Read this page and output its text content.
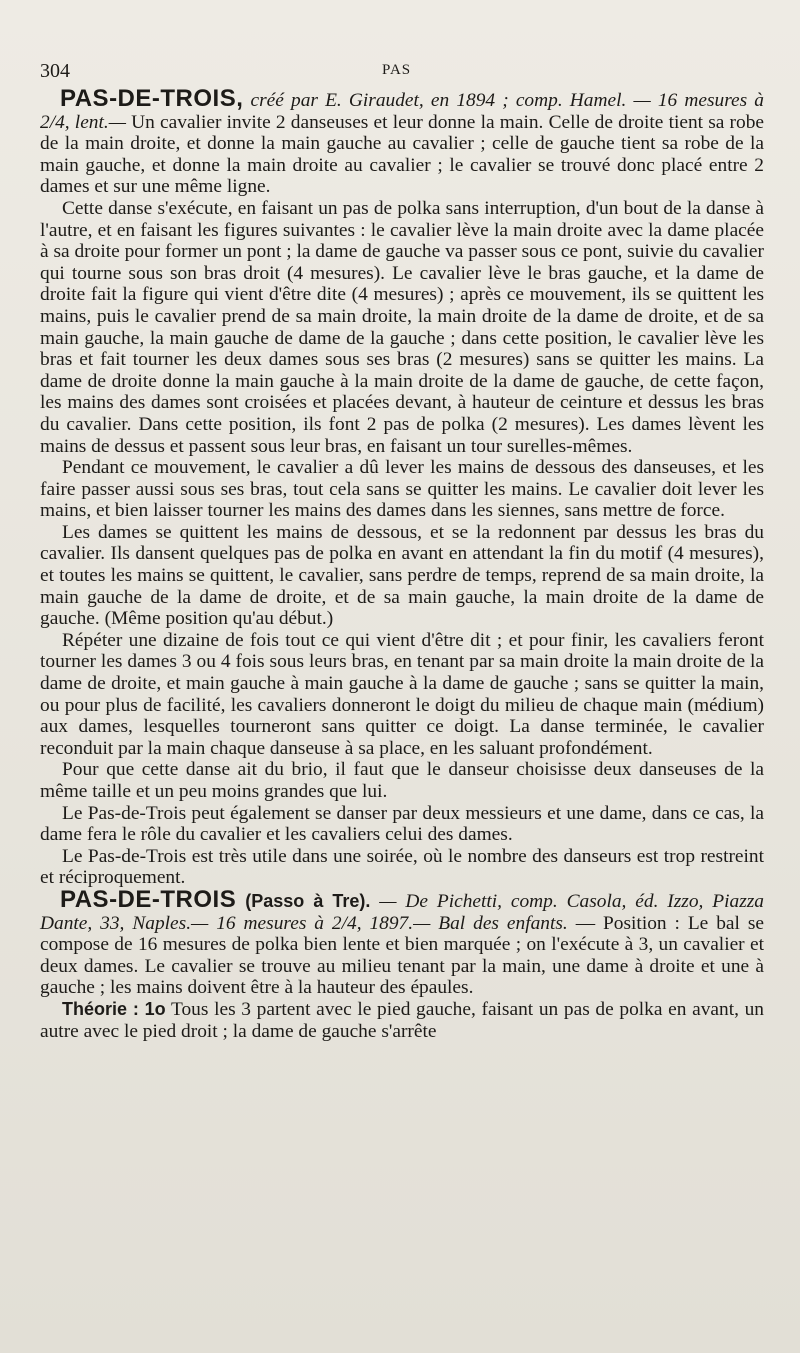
304	PAS

PAS-DE-TROIS, créé par E. Giraudet, en 1894 ; comp. Hamel. — 16 mesures à 2/4, lent.— Un cavalier invite 2 danseuses et leur donne la main. Celle de droite tient sa robe de la main droite, et donne la main gauche au cavalier ; celle de gauche tient sa robe de la main gauche, et donne la main droite au cavalier ; le cavalier se trouvé donc placé entre 2 dames et sur une même ligne.

Cette danse s'exécute, en faisant un pas de polka sans interruption, d'un bout de la danse à l'autre, et en faisant les figures suivantes : le cavalier lève la main droite avec la dame placée à sa droite pour former un pont ; la dame de gauche va passer sous ce pont, suivie du cavalier qui tourne sous son bras droit (4 mesures). Le cavalier lève le bras gauche, et la dame de droite fait la figure qui vient d'être dite (4 mesures) ; après ce mouvement, ils se quittent les mains, puis le cavalier prend de sa main droite, la main droite de la dame de droite, et de sa main gauche, la main gauche de dame de la gauche ; dans cette position, le cavalier lève les bras et fait tourner les deux dames sous ses bras (2 mesures) sans se quitter les mains. La dame de droite donne la main gauche à la main droite de la dame de gauche, de cette façon, les mains des dames sont croisées et placées devant, à hauteur de ceinture et dessus les bras du cavalier. Dans cette position, ils font 2 pas de polka (2 mesures). Les dames lèvent les mains de dessus et passent sous leur bras, en faisant un tour surelles-mêmes.

Pendant ce mouvement, le cavalier a dû lever les mains de dessous des danseuses, et les faire passer aussi sous ses bras, tout cela sans se quitter les mains. Le cavalier doit lever les mains, et bien laisser tourner les mains des dames dans les siennes, sans mettre de force.

Les dames se quittent les mains de dessous, et se la redonnent par dessus les bras du cavalier. Ils dansent quelques pas de polka en avant en attendant la fin du motif (4 mesures), et toutes les mains se quittent, le cavalier, sans perdre de temps, reprend de sa main droite, la main gauche de la dame de droite, et de sa main gauche, la main droite de la dame de gauche. (Même position qu'au début.)

Répéter une dizaine de fois tout ce qui vient d'être dit ; et pour finir, les cavaliers feront tourner les dames 3 ou 4 fois sous leurs bras, en tenant par sa main droite la main droite de la dame de droite, et main gauche à main gauche à la dame de gauche ; sans se quitter la main, ou pour plus de facilité, les cavaliers donneront le doigt du milieu de chaque main (médium) aux dames, lesquelles tourneront sans quitter ce doigt. La danse terminée, le cavalier reconduit par la main chaque danseuse à sa place, en les saluant profondément.

Pour que cette danse ait du brio, il faut que le danseur choisisse deux danseuses de la même taille et un peu moins grandes que lui.

Le Pas-de-Trois peut également se danser par deux messieurs et une dame, dans ce cas, la dame fera le rôle du cavalier et les cavaliers celui des dames.

Le Pas-de-Trois est très utile dans une soirée, où le nombre des danseurs est trop restreint et réciproquement.

PAS-DE-TROIS (Passo à Tre). — De Pichetti, comp. Casola, éd. Izzo, Piazza Dante, 33, Naples.— 16 mesures à 2/4, 1897.— Bal des enfants. — Position : Le bal se compose de 16 mesures de polka bien lente et bien marquée ; on l'exécute à 3, un cavalier et deux dames. Le cavalier se trouve au milieu tenant par la main, une dame à droite et une à gauche ; les mains doivent être à la hauteur des épaules.

Théorie : 1o Tous les 3 partent avec le pied gauche, faisant un pas de polka en avant, un autre avec le pied droit ; la dame de gauche s'arrête
